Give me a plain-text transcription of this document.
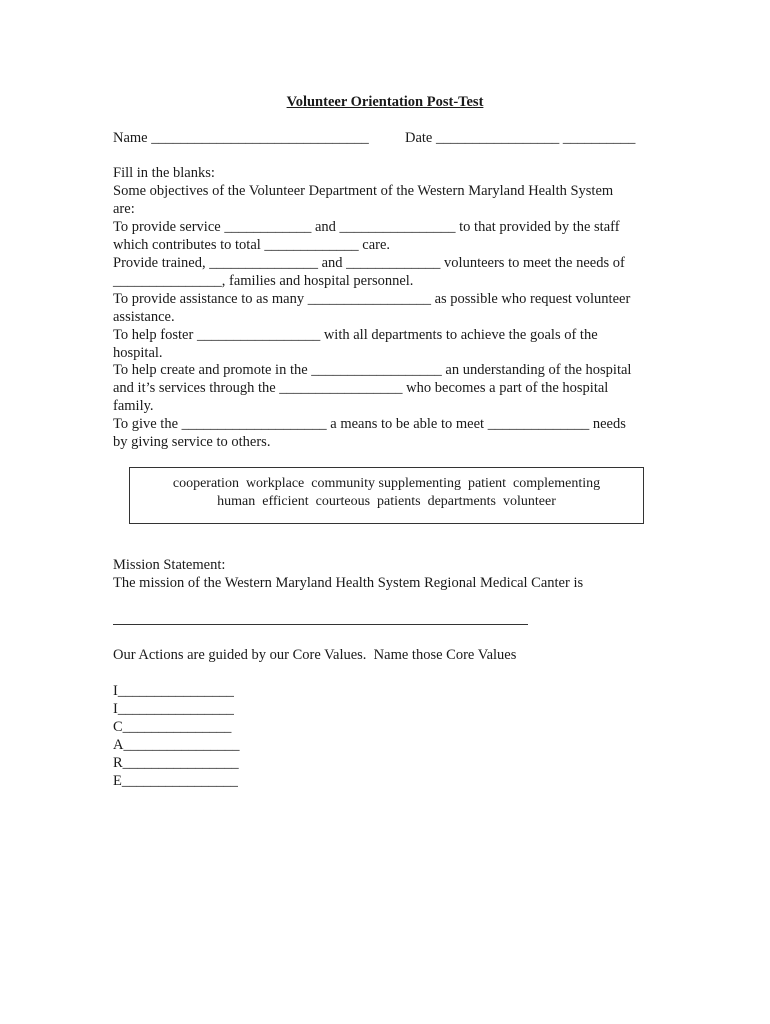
Volunteer Orientation Post-Test
Name ______________________________	Date _________________ __________
Fill in the blanks:
Some objectives of the Volunteer Department of the Western Maryland Health System
are:
To provide service ____________ and ________________ to that provided by the staff
which contributes to total _____________ care.
Provide trained, _______________ and _____________ volunteers to meet the needs of
_______________, families and hospital personnel.
To provide assistance to as many _________________ as possible who request volunteer
assistance.
To help foster _________________ with all departments to achieve the goals of the
hospital.
To help create and promote in the __________________ an understanding of the hospital
and it’s services through the _________________ who becomes a part of the hospital
family.
To give the ____________________ a means to be able to meet ______________ needs
by giving service to others.
cooperation  workplace  community supplementing  patient  complementing
human  efficient  courteous  patients  departments  volunteer
Mission Statement:
The mission of the Western Maryland Health System Regional Medical Canter is
Our Actions are guided by our Core Values.  Name those Core Values
I________________
I________________
C_______________
A________________
R________________
E________________
